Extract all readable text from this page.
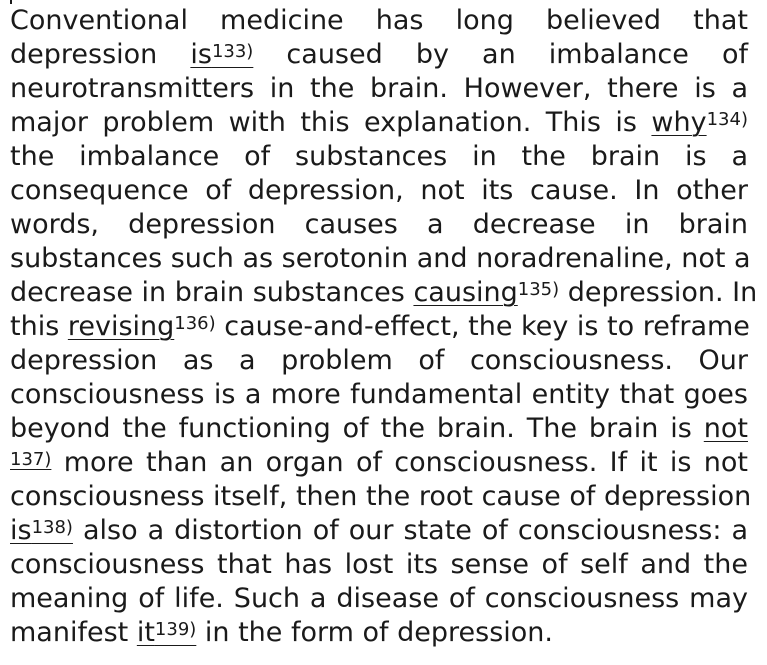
Conventional medicine has long believed that
depression $is^{133)}$ caused by an imbalance of
neurotransmitters in the brain. However, there is a
major problem with this explanation. This is why$^{134)}$
the imbalance of substances in the brain is a
consequence of depression, not its cause. In other
words, depression causes a decrease in brain
substances such as serotonin and noradrenaline, not a
decrease in brain substances causing$^{135)}$ depression. In
this revising$^{136)}$ cause-and-effect, the key is to reframe
depression as a problem of consciousness. Our
consciousness is a more fundamental entity that goes
beyond the functioning of the brain. The brain is not
$^{137)}$ more than an organ of consciousness. If it is not
consciousness itself, then the root cause of depression
$is^{138)}$ also a distortion of our state of consciousness: a
consciousness that has lost its sense of self and the
meaning of life. Such a disease of consciousness may
manifest $it^{139)}$ in the form of depression.
